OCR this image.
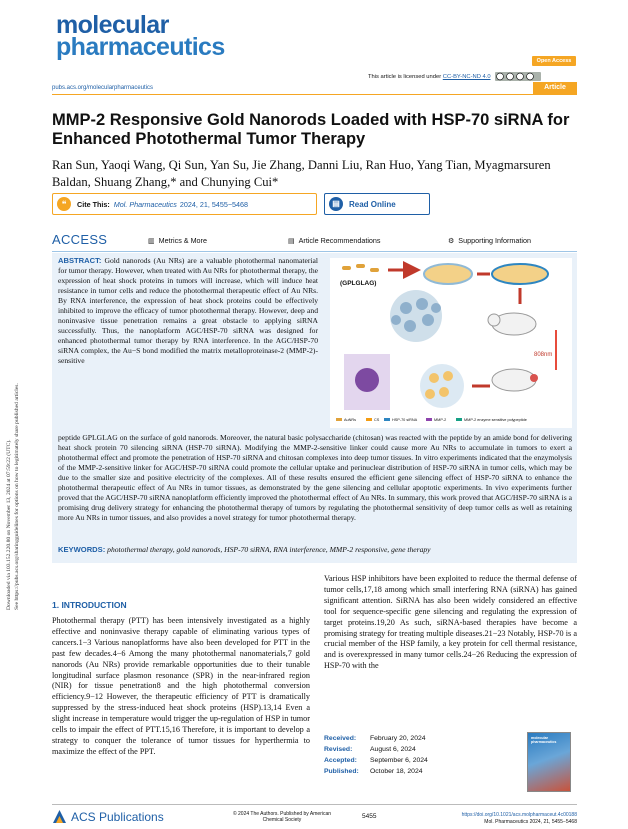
Downloaded via 103.152.220.80 on November 13, 2024 at 07:59:22 (UTC). See https://pubs.acs.org/sharingguidelines for options on how to legitimately share published articles.
molecular
pharmaceutics	Open Access
This article is licensed under CC-BY-NC-ND 4.0
pubs.acs.org/molecularpharmaceutics	Article
MMP-2 Responsive Gold Nanorods Loaded with HSP-70 siRNA for Enhanced Photothermal Tumor Therapy
Ran Sun, Yaoqi Wang, Qi Sun, Yan Su, Jie Zhang, Danni Liu, Ran Huo, Yang Tian, Myagmarsuren Baldan, Shuang Zhang,* and Chunying Cui*
❝	Cite This: Mol. Pharmaceutics 2024, 21, 5455−5468	▤	Read Online
ACCESS	▥ Metrics & More	▤ Article Recommendations	⚙ Supporting Information
ABSTRACT: Gold nanorods (Au NRs) are a valuable photothermal nanomaterial for tumor therapy. However, when treated with Au NRs for photothermal therapy, the expression of heat shock proteins in tumors will increase, which will induce heat resistance in tumor cells and reduce the photothermal therapeutic effect of Au NRs. By RNA interference, the expression of heat shock proteins could be effectively inhibited to improve the efficacy of tumor photothermal therapy. However, deep and noninvasive tissue penetration remains a great obstacle to applying siRNA successfully. Thus, the nanoplatform AGC/HSP-70 siRNA was designed for enhanced photothermal tumor therapy by RNA interference. In the AGC/HSP-70 siRNA complex, the Au−S bond modified the matrix metalloproteinase-2 (MMP-2)-sensitive
(GPLGLAG)
808nm
AuNRs	CS	HSP-70 siRNA	MMP-2	MMP-2 enzyme sensitive polypeptide
peptide GPLGLAG on the surface of gold nanorods. Moreover, the natural basic polysaccharide (chitosan) was reacted with the peptide by an amide bond for delivering heat shock protein 70 silencing siRNA (HSP-70 siRNA). Modifying the MMP-2-sensitive linker could cause more Au NRs to accumulate in tumors to exert a photothermal effect and promote the penetration of HSP-70 siRNA and chitosan complexes into deep tumor tissues. In vitro experiments indicated that the enzymolysis of the MMP-2-sensitive linker for AGC/HSP-70 siRNA could promote the cellular uptake and perinuclear distribution of HSP-70 siRNA in tumor cells, which may be due to the smaller size and positive electricity of the complexes. All of these results ensured the efficient gene silencing effect of HSP-70 siRNA to enhance the photothermal therapeutic effect of Au NRs in tumor tissues, as demonstrated by the gene silencing and cellular apoptotic experiments. In vivo experiments further proved that the AGC/HSP-70 siRNA nanoplatform efficiently improved the photothermal effect of Au NRs. In summary, this work proved that AGC/HSP-70 siRNA is a promising drug delivery strategy for enhancing the photothermal therapy of tumors by regulating the photothermal sensitivity of deep tumor cells as well as retaining more Au NRs in tumor tissues, and also provides a novel strategy for tumor photothermal therapy.
KEYWORDS: photothermal therapy, gold nanorods, HSP-70 siRNA, RNA interference, MMP-2 responsive, gene therapy
1. INTRODUCTION
Photothermal therapy (PTT) has been intensively investigated as a highly effective and noninvasive therapy capable of eliminating various types of cancers.1−3 Various nanoplatforms have also been developed for PTT in the past few decades.4−6 Among the many photothermal nanomaterials,7 gold nanorods (Au NRs) provide remarkable opportunities due to their tunable longitudinal surface plasmon resonance (SPR) in the near-infrared region (NIR) for tissue penetration8 and the high photothermal conversion efficiency.9−12 However, the therapeutic efficiency of PTT is dramatically suppressed by the stress-induced heat shock proteins (HSP).13,14 Even a slight increase in temperature would trigger the up-regulation of HSP in tumor cells to impair the effect of PTT.15,16 Therefore, it is important to develop a strategy to conquer the tolerance of tumor tissues for hyperthermia to maximize the effect of the PPT.
Various HSP inhibitors have been exploited to reduce the thermal defense of tumor cells,17,18 among which small interfering RNA (siRNA) has gained significant attention. SiRNA has also been widely considered an effective tool for sequence-specific gene silencing and regulating the expression of target proteins.19,20 As such, siRNA-based therapies have become a promising strategy for treating multiple diseases.21−23 Notably, HSP-70 is a crucial member of the HSP family, a key protein for cell thermal resistance, and is overexpressed in many tumor cells.24−26 Reducing the expression of HSP-70 with the
Received:	February 20, 2024
Revised:	August 6, 2024
Accepted:	September 6, 2024
Published:	October 18, 2024
molecular pharmaceutics
ACS Publications	© 2024 The Authors. Published by American Chemical Society
5455	https://doi.org/10.1021/acs.molpharmaceut.4c00188
Mol. Pharmaceutics 2024, 21, 5455−5468
